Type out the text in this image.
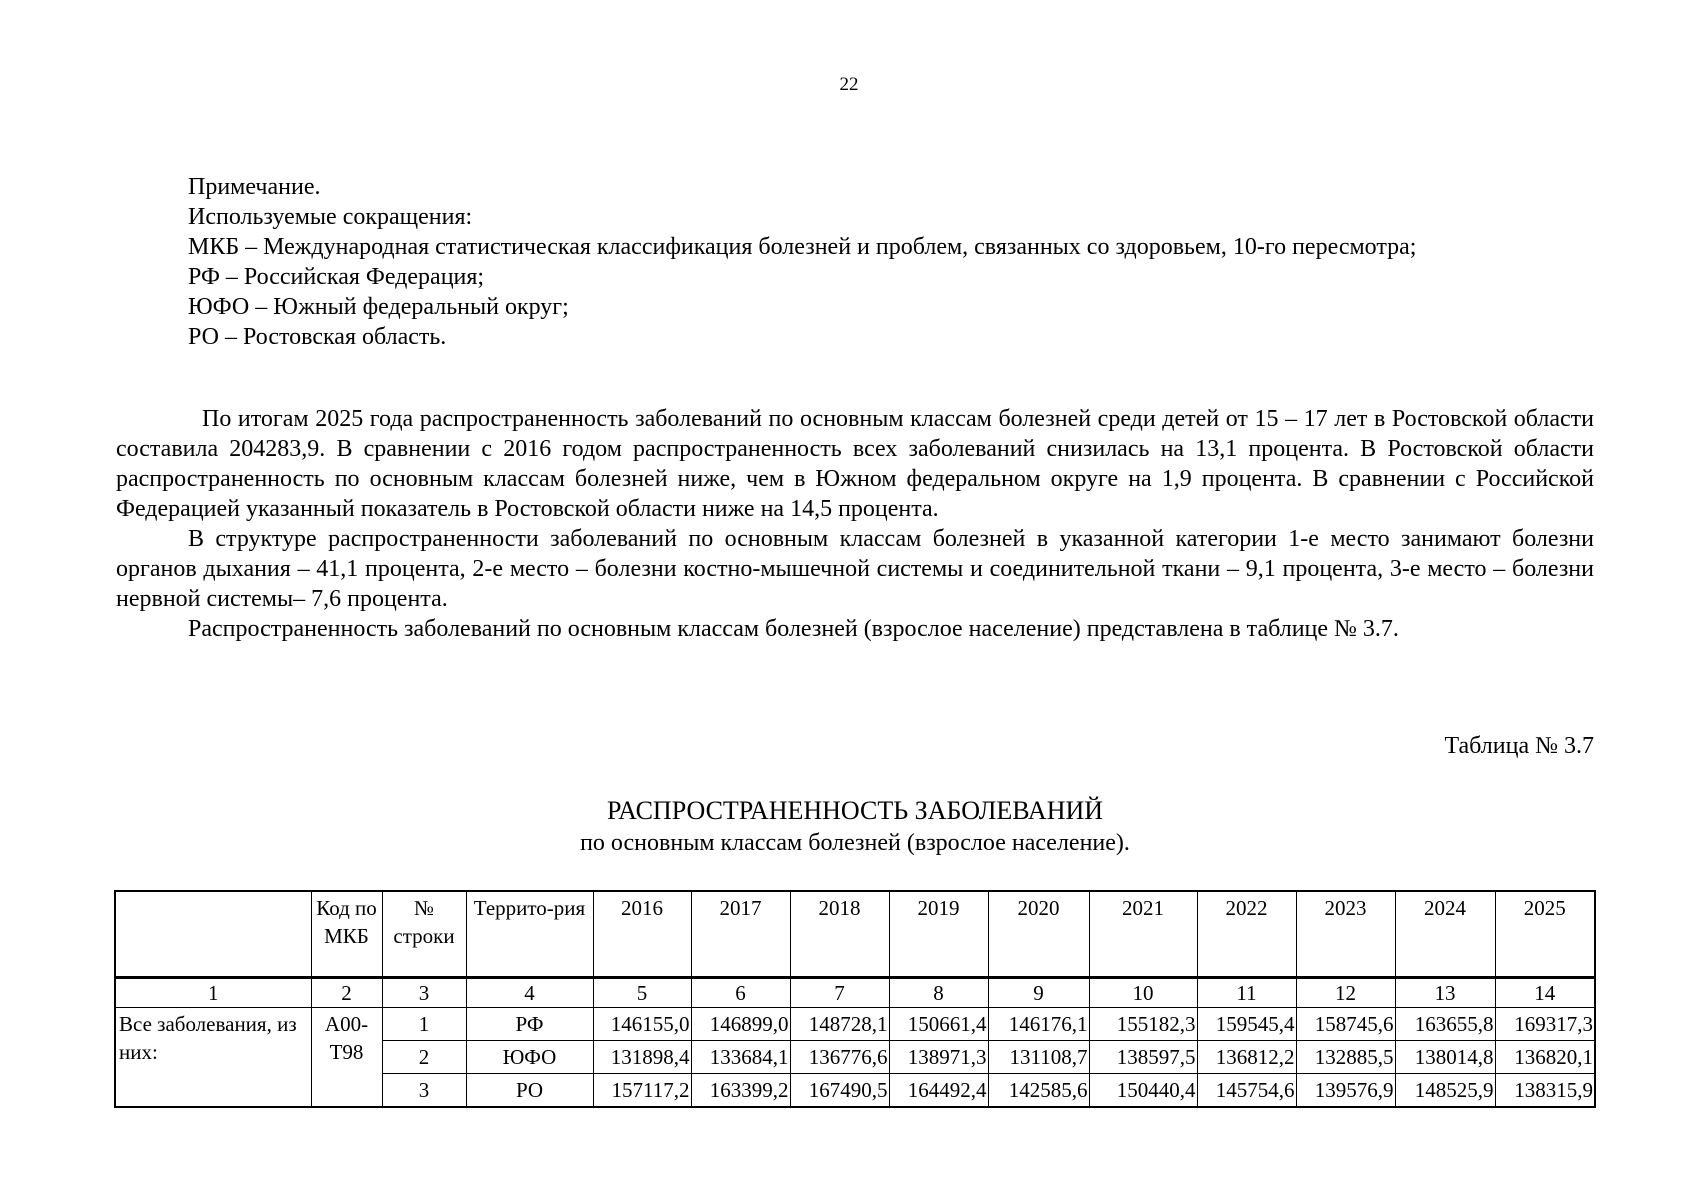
22
Примечание.
Используемые сокращения:
МКБ – Международная статистическая классификация болезней и проблем, связанных со здоровьем, 10-го пересмотра;
РФ – Российская Федерация;
ЮФО – Южный федеральный округ;
РО – Ростовская область.

По итогам 2025 года распространенность заболеваний по основным классам болезней среди детей от 15 – 17 лет в Ростовской области составила 204283,9. В сравнении с 2016 годом распространенность всех заболеваний снизилась на 13,1 процента. В Ростовской области распространенность по основным классам болезней ниже, чем в Южном федеральном округе на 1,9 процента. В сравнении с Российской Федерацией указанный показатель в Ростовской области ниже на 14,5 процента.

В структуре распространенности заболеваний по основным классам болезней в указанной категории 1-е место занимают болезни органов дыхания – 41,1 процента, 2-е место – болезни костно-мышечной системы и соединительной ткани – 9,1 процента, 3-е место – болезни нервной системы– 7,6 процента.

Распространенность заболеваний по основным классам болезней (взрослое население) представлена в таблице № 3.7.

Таблица № 3.7
РАСПРОСТРАНЕННОСТЬ ЗАБОЛЕВАНИЙ
по основным классам болезней (взрослое население).
	Код по МКБ	№ строки	Террито-рия	2016	2017	2018	2019	2020	2021	2022	2023	2024	2025
1	2	3	4	5	6	7	8	9	10	11	12	13	14
Все заболевания, из них:	А00-Т98	1	РФ	146155,0	146899,0	148728,1	150661,4	146176,1	155182,3	159545,4	158745,6	163655,8	169317,3
		2	ЮФО	131898,4	133684,1	136776,6	138971,3	131108,7	138597,5	136812,2	132885,5	138014,8	136820,1
		3	РО	157117,2	163399,2	167490,5	164492,4	142585,6	150440,4	145754,6	139576,9	148525,9	138315,9
